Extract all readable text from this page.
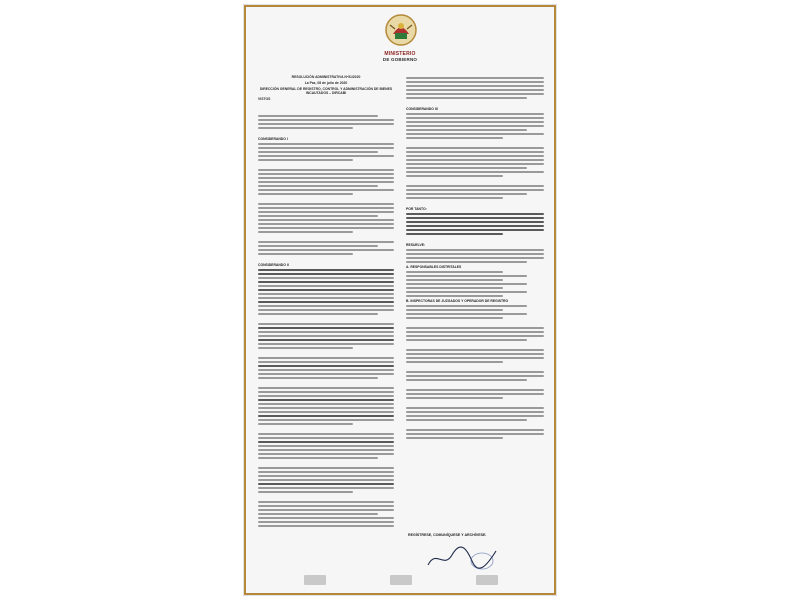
MINISTERIO
DE GOBIERNO
RESOLUCIÓN ADMINISTRATIVA Nº51/2020
La Paz, 08 de julio de 2020
DIRECCIÓN GENERAL DE REGISTRO, CONTROL Y ADMINISTRACIÓN DE BIENES INCAUTADOS – DIRCABI
VISTOS
CONSIDERANDO I
CONSIDERANDO II
CONSIDERANDO III
POR TANTO:
RESUELVE:
A. RESPONSABLES DISTRITALES
B. INSPECTORAS DE JUZGADOS Y OPERADOR DE REGISTRO
REGÍSTRESE, COMUNÍQUESE Y ARCHÍVESE.
